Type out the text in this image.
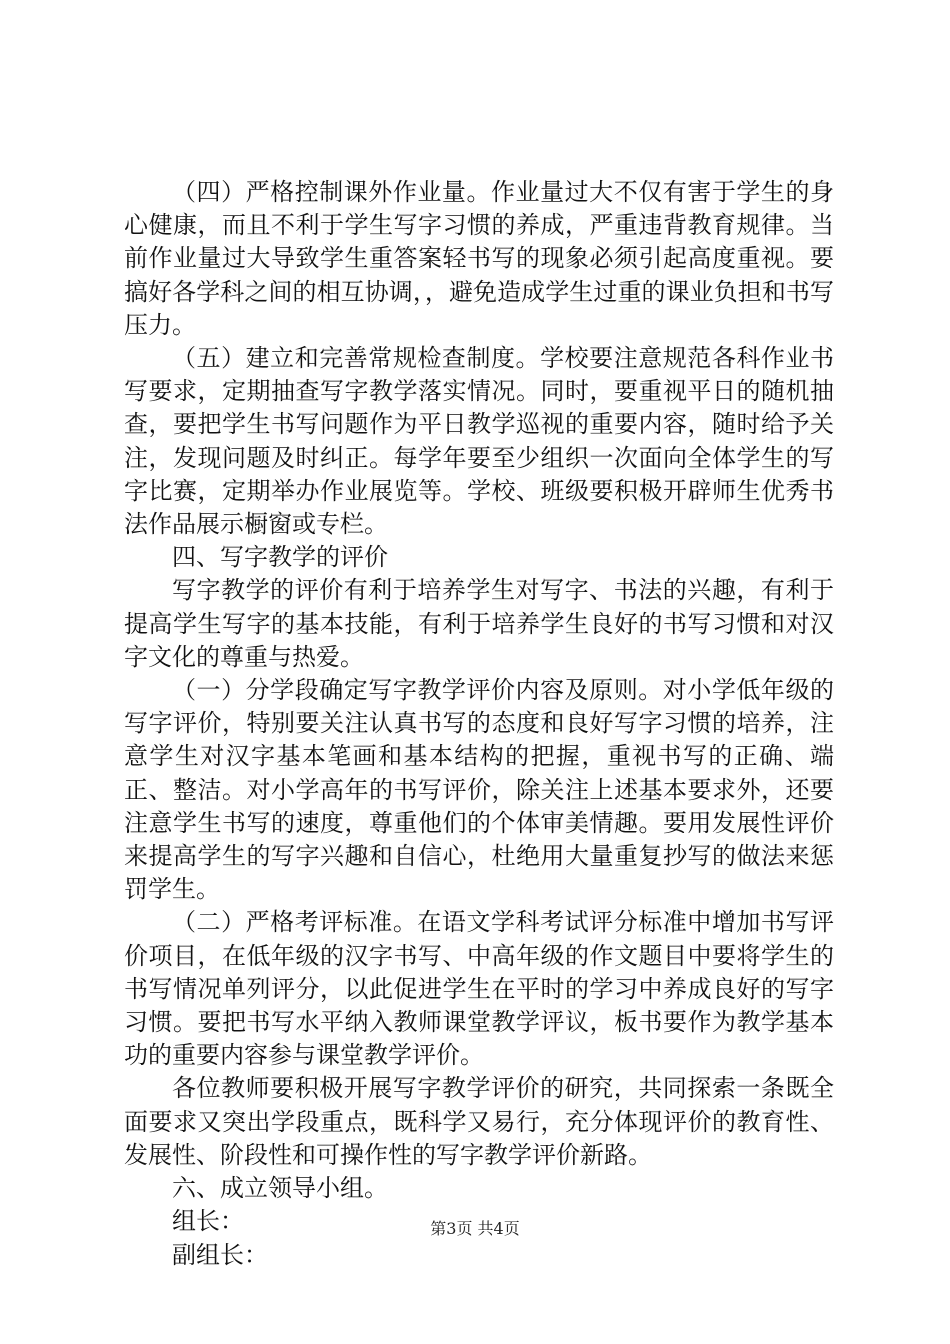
（四）严格控制课外作业量。作业量过大不仅有害于学生的身心健康，而且不利于学生写字习惯的养成，严重违背教育规律。当前作业量过大导致学生重答案轻书写的现象必须引起高度重视。要搞好各学科之间的相互协调，，避免造成学生过重的课业负担和书写压力。

（五）建立和完善常规检查制度。学校要注意规范各科作业书写要求，定期抽查写字教学落实情况。同时，要重视平日的随机抽查，要把学生书写问题作为平日教学巡视的重要内容，随时给予关注，发现问题及时纠正。每学年要至少组织一次面向全体学生的写字比赛，定期举办作业展览等。学校、班级要积极开辟师生优秀书法作品展示橱窗或专栏。

四、写字教学的评价

写字教学的评价有利于培养学生对写字、书法的兴趣，有利于提高学生写字的基本技能，有利于培养学生良好的书写习惯和对汉字文化的尊重与热爱。

（一）分学段确定写字教学评价内容及原则。对小学低年级的写字评价，特别要关注认真书写的态度和良好写字习惯的培养，注意学生对汉字基本笔画和基本结构的把握，重视书写的正确、端正、整洁。对小学高年的书写评价，除关注上述基本要求外，还要注意学生书写的速度，尊重他们的个体审美情趣。要用发展性评价来提高学生的写字兴趣和自信心，杜绝用大量重复抄写的做法来惩罚学生。

（二）严格考评标准。在语文学科考试评分标准中增加书写评价项目，在低年级的汉字书写、中高年级的作文题目中要将学生的书写情况单列评分，以此促进学生在平时的学习中养成良好的写字习惯。要把书写水平纳入教师课堂教学评议，板书要作为教学基本功的重要内容参与课堂教学评价。

各位教师要积极开展写字教学评价的研究，共同探索一条既全面要求又突出学段重点，既科学又易行，充分体现评价的教育性、发展性、阶段性和可操作性的写字教学评价新路。

六、成立领导小组。

组长：

副组长：

第3页 共4页
